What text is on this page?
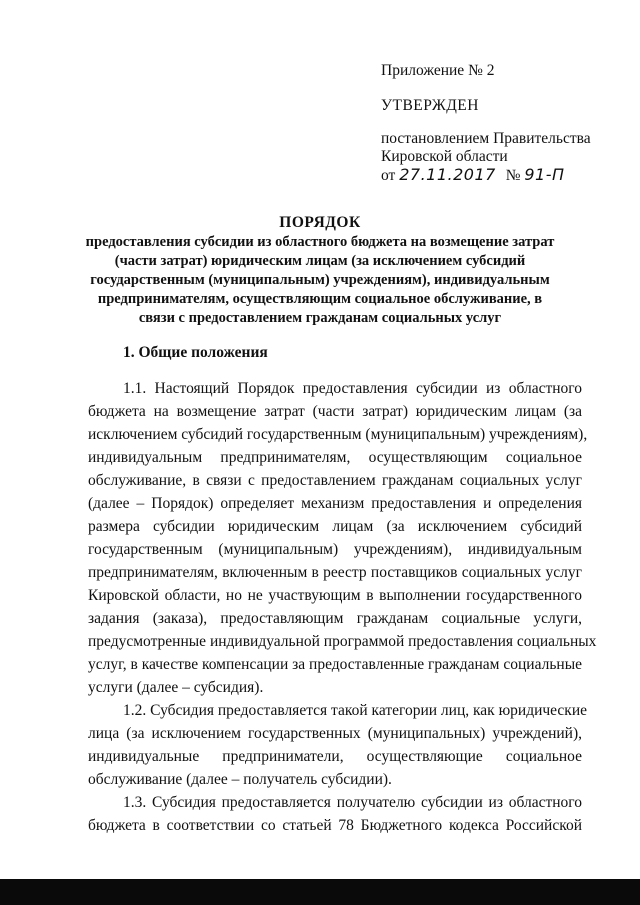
Приложение № 2
УТВЕРЖДЕН
постановлением Правительства
Кировской области
от 27.11.2017 № 91-П
ПОРЯДОК
предоставления субсидии из областного бюджета на возмещение затрат
(части затрат) юридическим лицам (за исключением субсидий
государственным (муниципальным) учреждениям), индивидуальным
предпринимателям, осуществляющим социальное обслуживание, в
связи с предоставлением гражданам социальных услуг
1. Общие положения
1.1. Настоящий Порядок предоставления субсидии из областного
бюджета на возмещение затрат (части затрат) юридическим лицам (за
исключением субсидий государственным (муниципальным) учреждениям),
индивидуальным предпринимателям, осуществляющим социальное
обслуживание, в связи с предоставлением гражданам социальных услуг
(далее – Порядок) определяет механизм предоставления и определения
размера субсидии юридическим лицам (за исключением субсидий
государственным (муниципальным) учреждениям), индивидуальным
предпринимателям, включенным в реестр поставщиков социальных услуг
Кировской области, но не участвующим в выполнении государственного
задания (заказа), предоставляющим гражданам социальные услуги,
предусмотренные индивидуальной программой предоставления социальных
услуг, в качестве компенсации за предоставленные гражданам социальные
услуги (далее – субсидия).
1.2. Субсидия предоставляется такой категории лиц, как юридические
лица (за исключением государственных (муниципальных) учреждений),
индивидуальные предприниматели, осуществляющие социальное
обслуживание (далее – получатель субсидии).
1.3. Субсидия предоставляется получателю субсидии из областного
бюджета в соответствии со статьей 78 Бюджетного кодекса Российской
